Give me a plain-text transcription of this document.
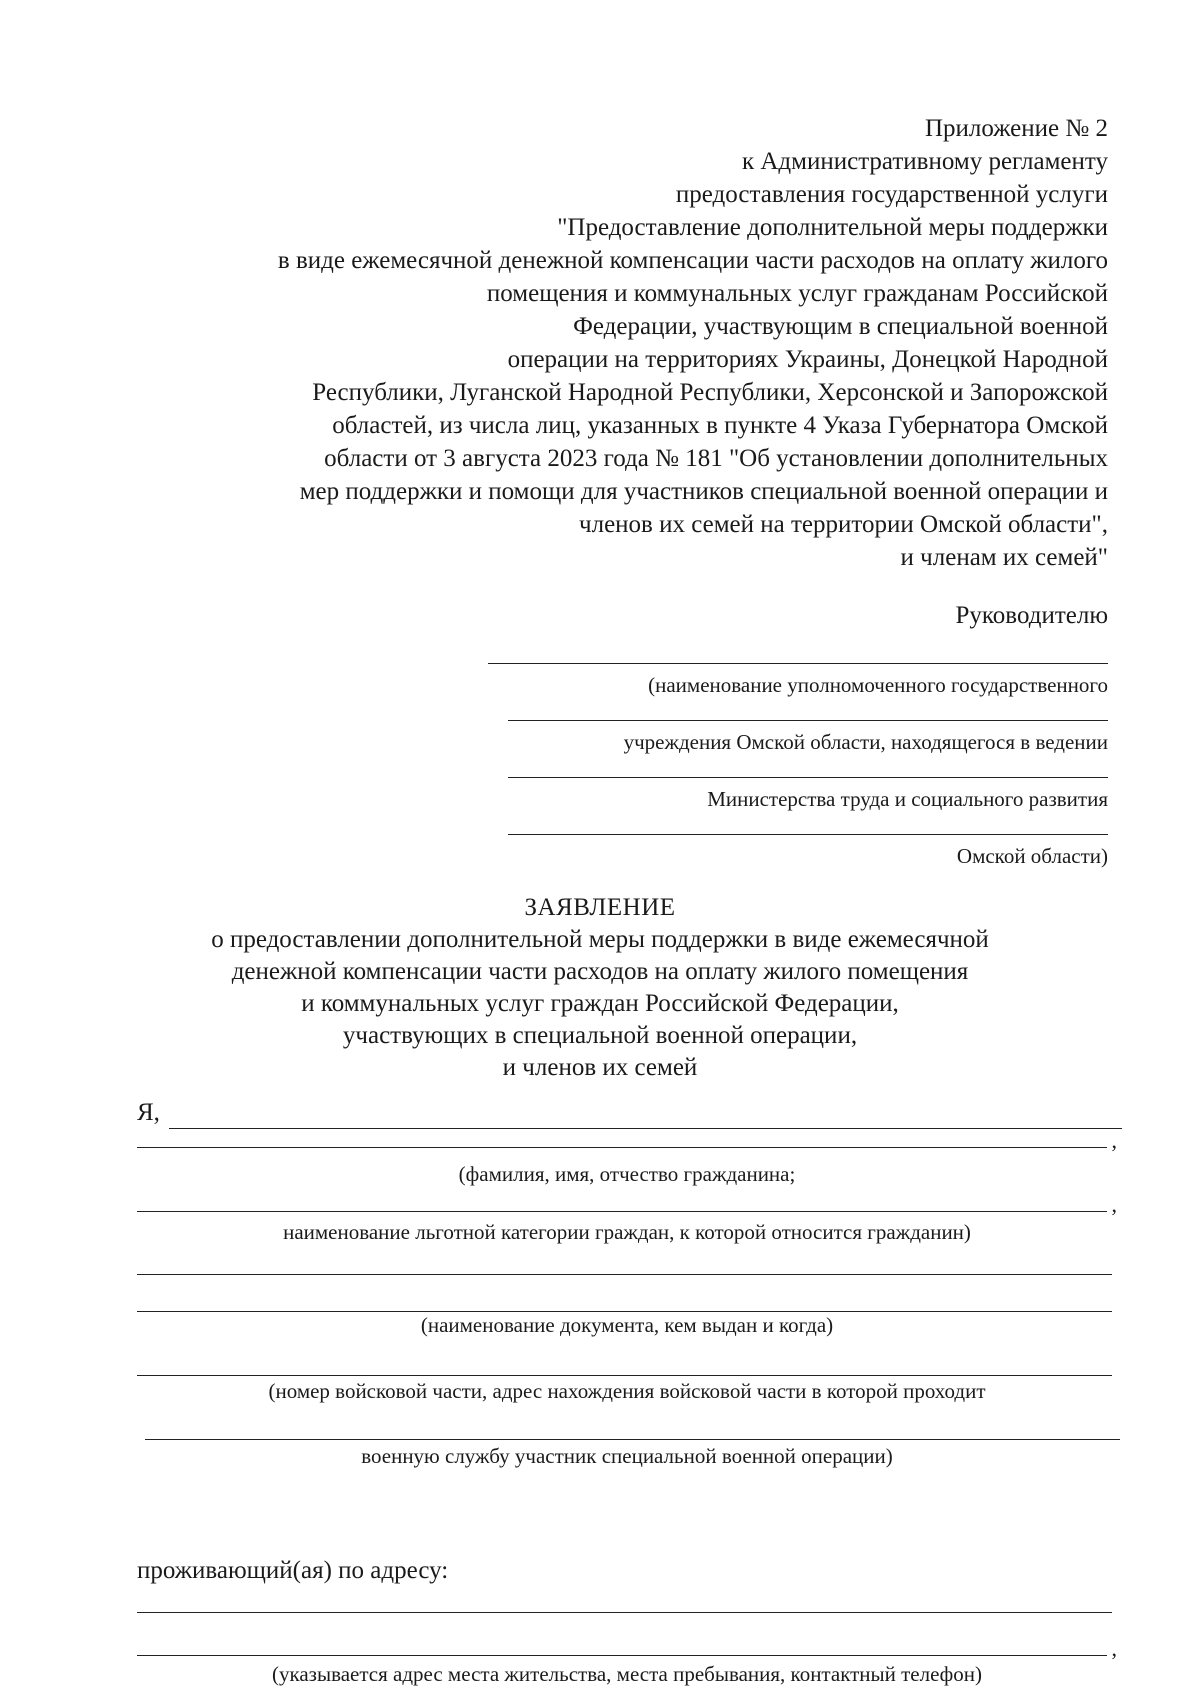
Приложение № 2
к Административному регламенту
предоставления государственной услуги
"Предоставление дополнительной меры поддержки
в виде ежемесячной денежной компенсации части расходов на оплату жилого
помещения и коммунальных услуг гражданам Российской
Федерации, участвующим в специальной военной
операции на территориях Украины, Донецкой Народной
Республики, Луганской Народной Республики, Херсонской и Запорожской
областей, из числа лиц, указанных в пункте 4 Указа Губернатора Омской
области от 3 августа 2023 года № 181 "Об установлении дополнительных
мер поддержки и помощи для участников специальной военной операции и
членов их семей на территории Омской области",
и членам их семей"
Руководителю
(наименование уполномоченного государственного
учреждения Омской области, находящегося в ведении
Министерства труда и социального развития
Омской области)
ЗАЯВЛЕНИЕ
о предоставлении дополнительной меры поддержки в виде ежемесячной
денежной компенсации части расходов на оплату жилого помещения
и коммунальных услуг граждан Российской Федерации,
участвующих в специальной военной операции,
и членов их семей
Я,
,
(фамилия, имя, отчество гражданина;
,
наименование льготной категории граждан, к которой относится гражданин)
(наименование документа, кем выдан и когда)
(номер войсковой части, адрес нахождения войсковой части в которой проходит
военную службу участник специальной военной операции)
проживающий(ая) по адресу:
,
(указывается адрес места жительства, места пребывания, контактный телефон)
